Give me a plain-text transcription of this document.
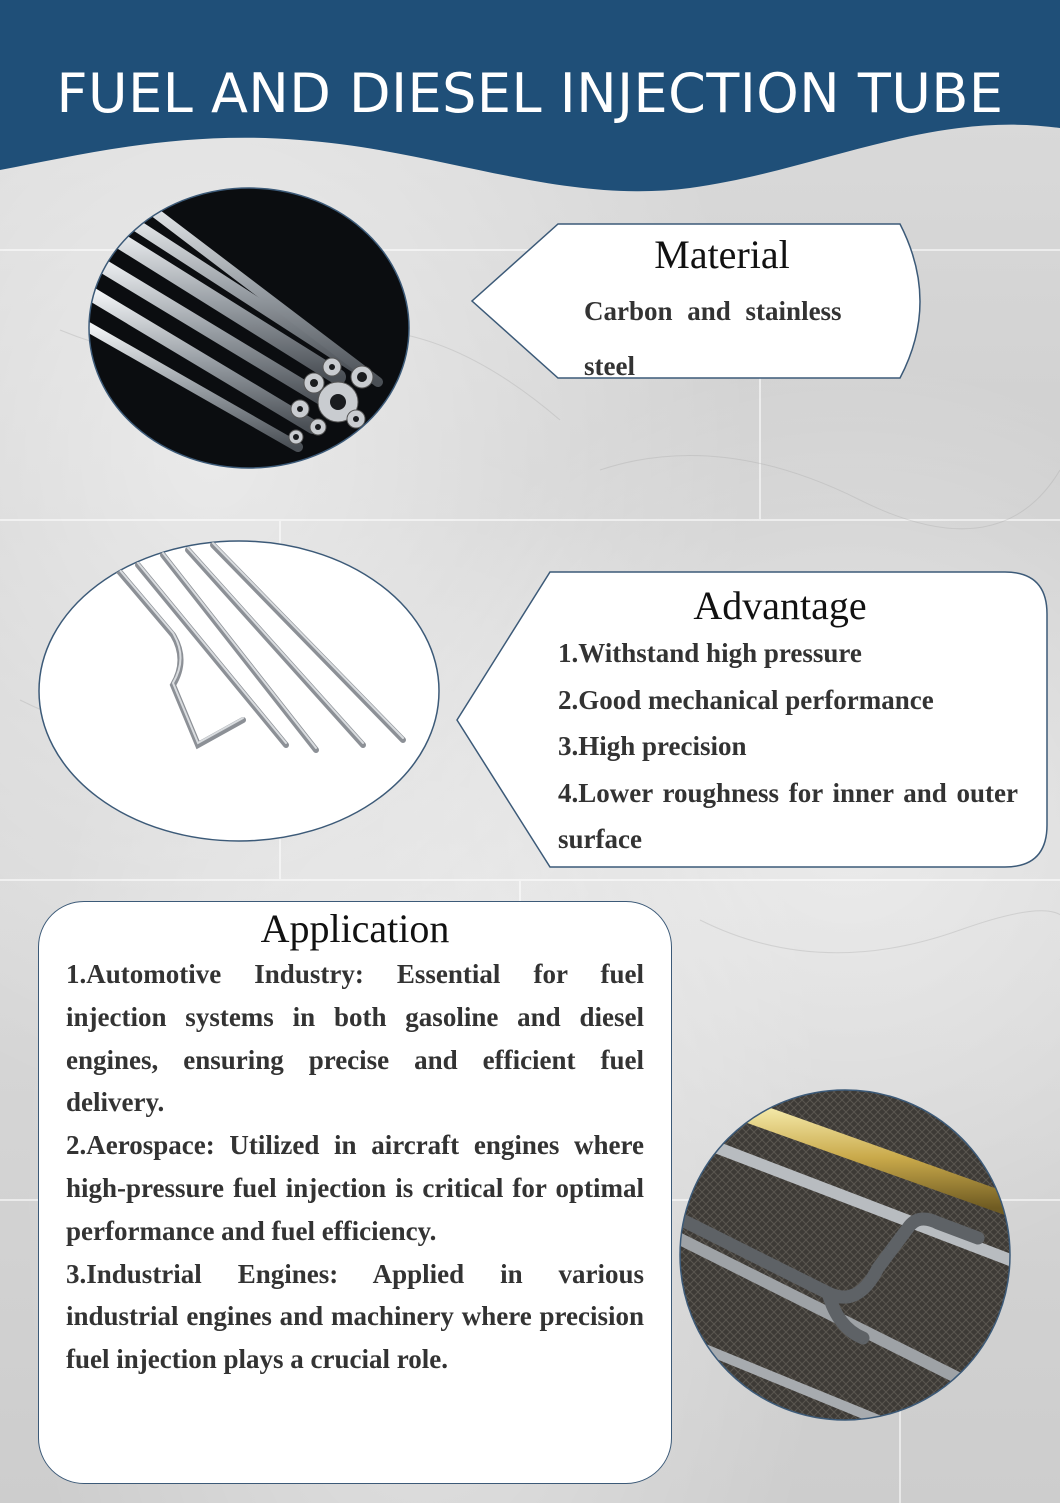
FUEL AND DIESEL INJECTION TUBE
Material
Carbon and stainless steel
Advantage
1.Withstand high pressure
2.Good mechanical performance
3.High precision
4.Lower roughness for inner and outer surface
Application
1.Automotive Industry: Essential for fuel injection systems in both gasoline and diesel engines, ensuring precise and efficient fuel delivery.
2.Aerospace: Utilized in aircraft engines where high-pressure fuel injection is critical for optimal performance and fuel efficiency.
3.Industrial Engines: Applied in various industrial engines and machinery where precision fuel injection plays a crucial role.
